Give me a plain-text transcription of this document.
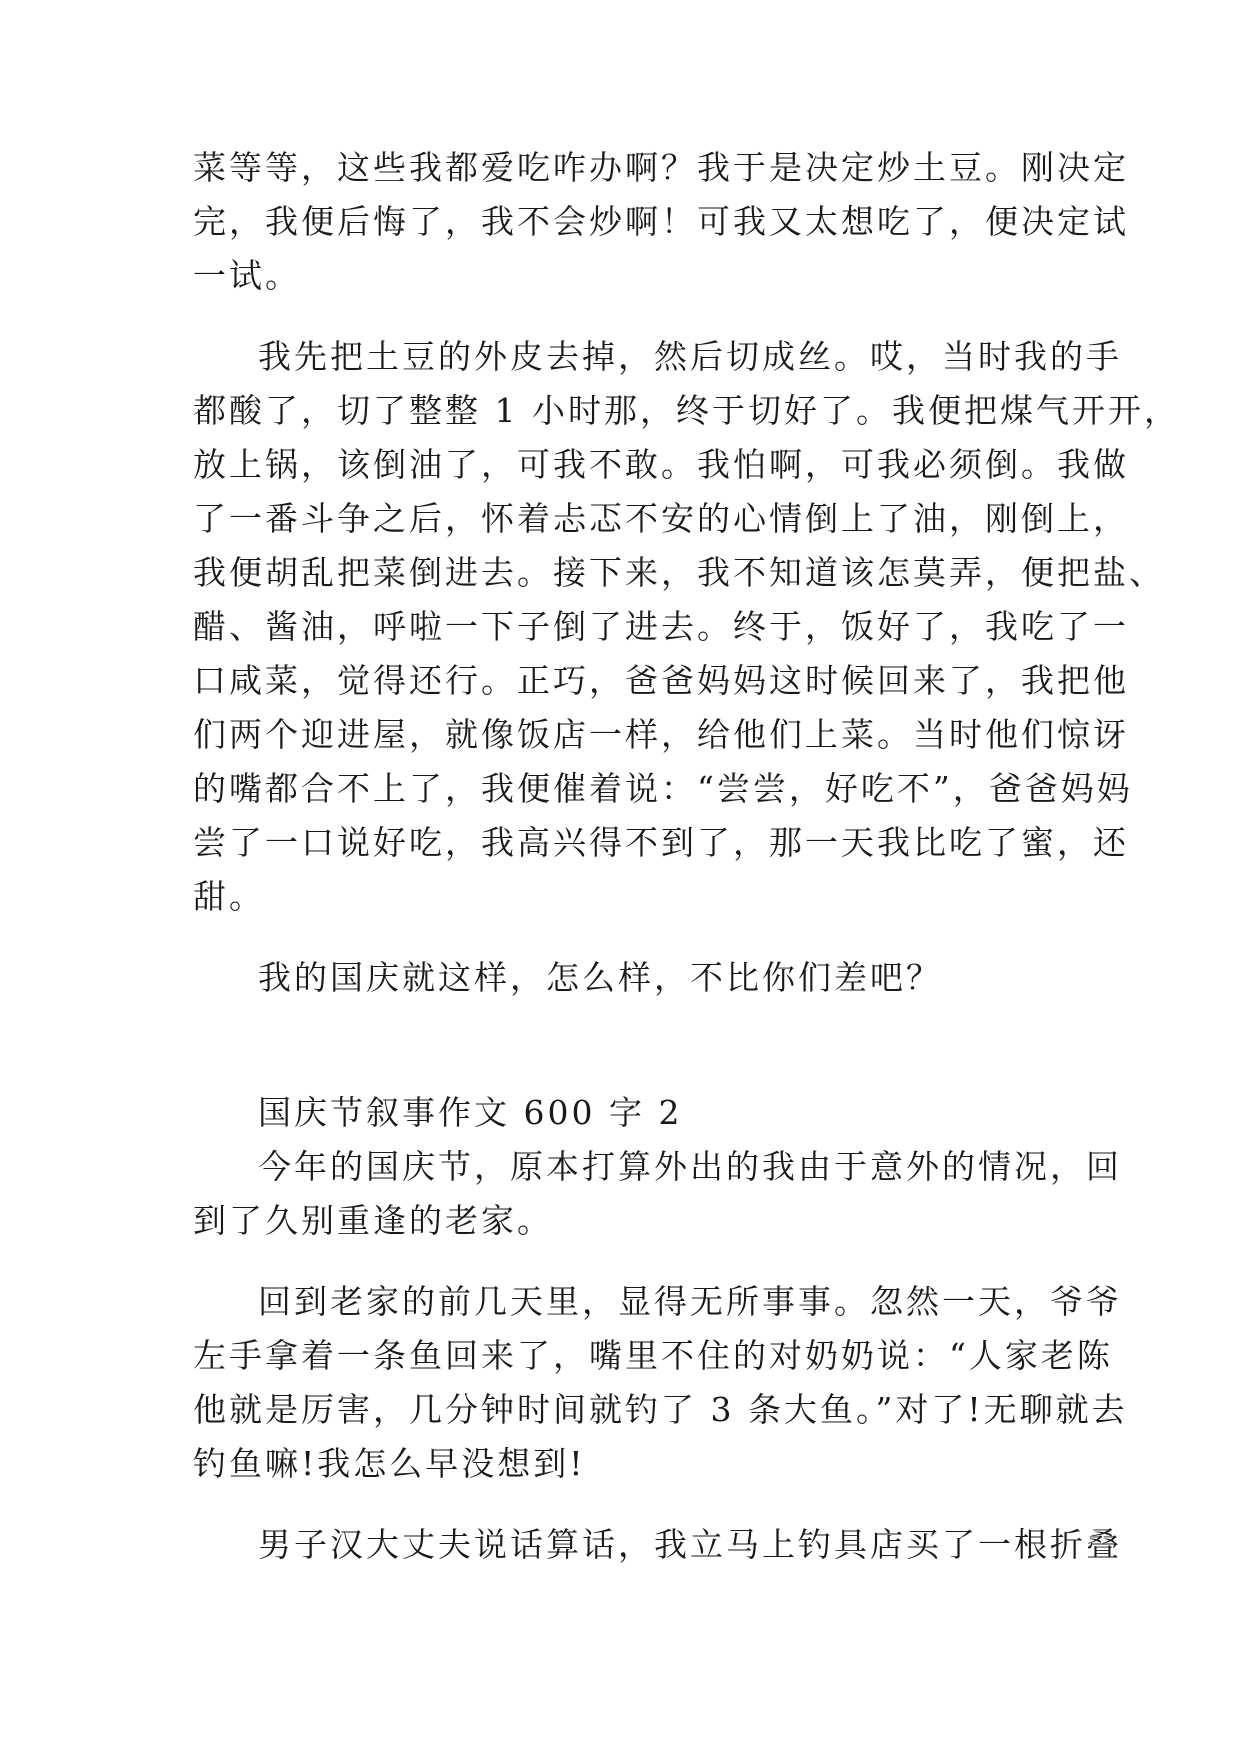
菜等等，这些我都爱吃咋办啊？我于是决定炒土豆。刚决定
完，我便后悔了，我不会炒啊！可我又太想吃了，便决定试
一试。
我先把土豆的外皮去掉，然后切成丝。哎，当时我的手
都酸了，切了整整 1 小时那，终于切好了。我便把煤气开开，
放上锅，该倒油了，可我不敢。我怕啊，可我必须倒。我做
了一番斗争之后，怀着忐忑不安的心情倒上了油，刚倒上，
我便胡乱把菜倒进去。接下来，我不知道该怎莫弄，便把盐、
醋、酱油，呼啦一下子倒了进去。终于，饭好了，我吃了一
口咸菜，觉得还行。正巧，爸爸妈妈这时候回来了，我把他
们两个迎进屋，就像饭店一样，给他们上菜。当时他们惊讶
的嘴都合不上了，我便催着说：“尝尝，好吃不”，爸爸妈妈
尝了一口说好吃，我高兴得不到了，那一天我比吃了蜜，还
甜。
我的国庆就这样，怎么样，不比你们差吧？
国庆节叙事作文 600 字 2
今年的国庆节，原本打算外出的我由于意外的情况，回
到了久别重逢的老家。
回到老家的前几天里，显得无所事事。忽然一天，爷爷
左手拿着一条鱼回来了，嘴里不住的对奶奶说：“人家老陈
他就是厉害，几分钟时间就钓了 3 条大鱼。”对了!无聊就去
钓鱼嘛!我怎么早没想到!
男子汉大丈夫说话算话，我立马上钓具店买了一根折叠
